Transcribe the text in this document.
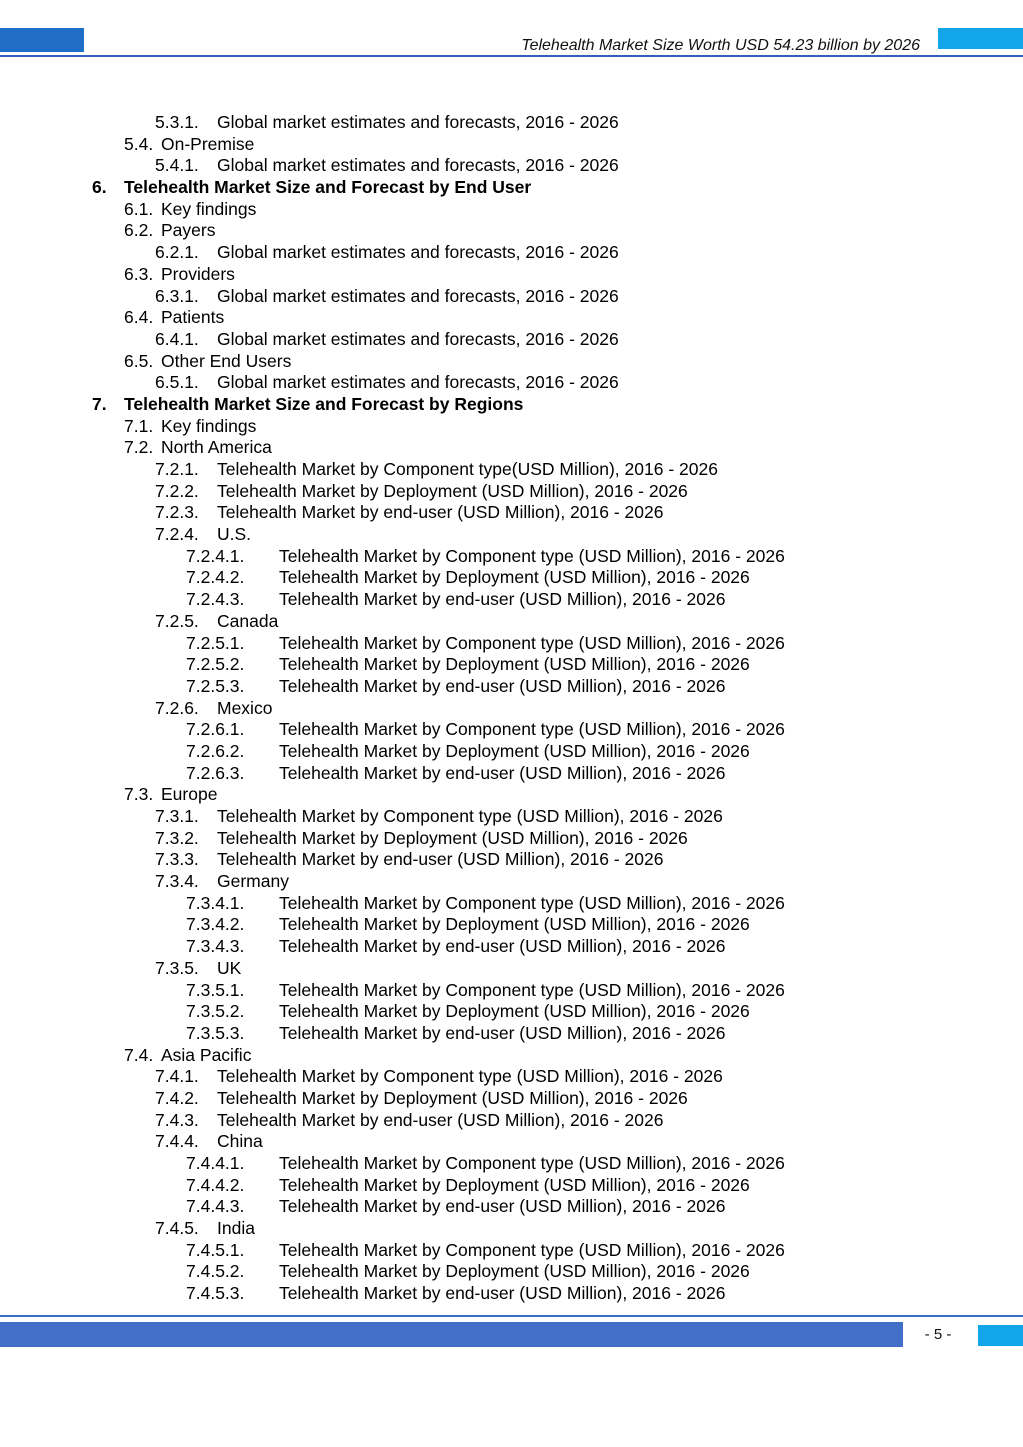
Telehealth Market Size Worth USD 54.23 billion by 2026
5.3.1. Global market estimates and forecasts, 2016 - 2026
5.4. On-Premise
5.4.1. Global market estimates and forecasts, 2016 - 2026
6. Telehealth Market Size and Forecast by End User
6.1. Key findings
6.2. Payers
6.2.1. Global market estimates and forecasts, 2016 - 2026
6.3. Providers
6.3.1. Global market estimates and forecasts, 2016 - 2026
6.4. Patients
6.4.1. Global market estimates and forecasts, 2016 - 2026
6.5. Other End Users
6.5.1. Global market estimates and forecasts, 2016 - 2026
7. Telehealth Market Size and Forecast by Regions
7.1. Key findings
7.2. North America
7.2.1. Telehealth Market by Component type(USD Million), 2016 - 2026
7.2.2. Telehealth Market by Deployment (USD Million), 2016 - 2026
7.2.3. Telehealth Market by end-user (USD Million), 2016 - 2026
7.2.4. U.S.
7.2.4.1. Telehealth Market by Component type (USD Million), 2016 - 2026
7.2.4.2. Telehealth Market by Deployment (USD Million), 2016 - 2026
7.2.4.3. Telehealth Market by end-user (USD Million), 2016 - 2026
7.2.5. Canada
7.2.5.1. Telehealth Market by Component type (USD Million), 2016 - 2026
7.2.5.2. Telehealth Market by Deployment (USD Million), 2016 - 2026
7.2.5.3. Telehealth Market by end-user (USD Million), 2016 - 2026
7.2.6. Mexico
7.2.6.1. Telehealth Market by Component type (USD Million), 2016 - 2026
7.2.6.2. Telehealth Market by Deployment (USD Million), 2016 - 2026
7.2.6.3. Telehealth Market by end-user (USD Million), 2016 - 2026
7.3. Europe
7.3.1. Telehealth Market by Component type (USD Million), 2016 - 2026
7.3.2. Telehealth Market by Deployment (USD Million), 2016 - 2026
7.3.3. Telehealth Market by end-user (USD Million), 2016 - 2026
7.3.4. Germany
7.3.4.1. Telehealth Market by Component type (USD Million), 2016 - 2026
7.3.4.2. Telehealth Market by Deployment (USD Million), 2016 - 2026
7.3.4.3. Telehealth Market by end-user (USD Million), 2016 - 2026
7.3.5. UK
7.3.5.1. Telehealth Market by Component type (USD Million), 2016 - 2026
7.3.5.2. Telehealth Market by Deployment (USD Million), 2016 - 2026
7.3.5.3. Telehealth Market by end-user (USD Million), 2016 - 2026
7.4. Asia Pacific
7.4.1. Telehealth Market by Component type (USD Million), 2016 - 2026
7.4.2. Telehealth Market by Deployment (USD Million), 2016 - 2026
7.4.3. Telehealth Market by end-user (USD Million), 2016 - 2026
7.4.4. China
7.4.4.1. Telehealth Market by Component type (USD Million), 2016 - 2026
7.4.4.2. Telehealth Market by Deployment (USD Million), 2016 - 2026
7.4.4.3. Telehealth Market by end-user (USD Million), 2016 - 2026
7.4.5. India
7.4.5.1. Telehealth Market by Component type (USD Million), 2016 - 2026
7.4.5.2. Telehealth Market by Deployment (USD Million), 2016 - 2026
7.4.5.3. Telehealth Market by end-user (USD Million), 2016 - 2026
- 5 -
